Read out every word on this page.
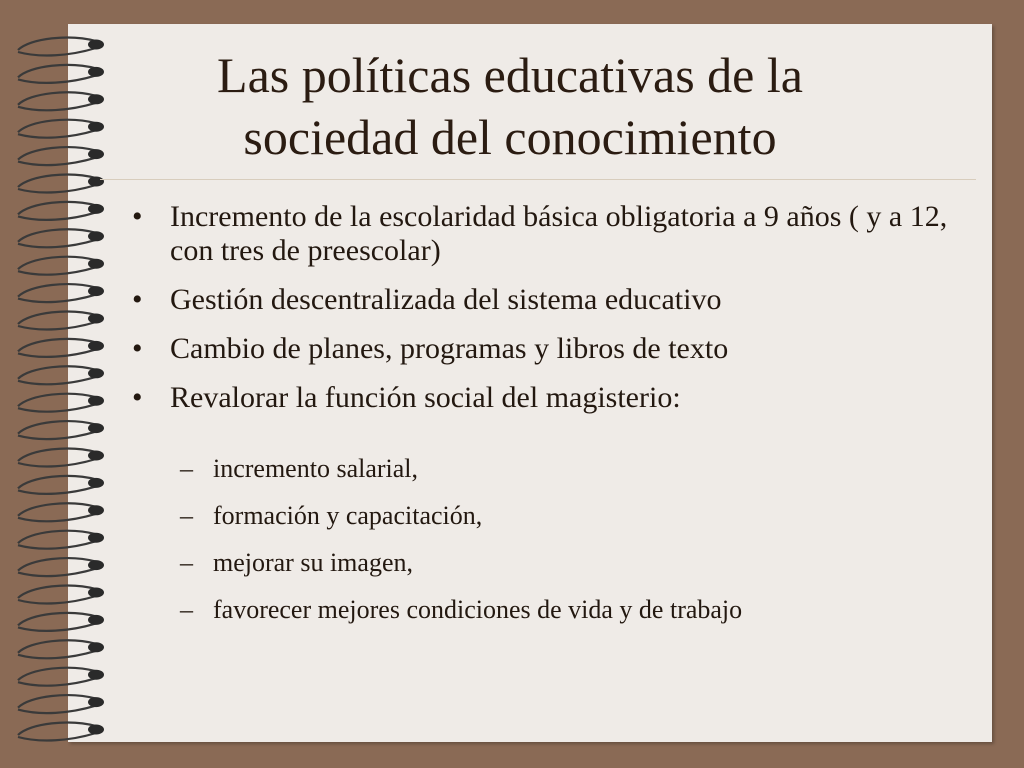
Las políticas educativas de la
sociedad del conocimiento
• Incremento de la escolaridad básica obligatoria a 9 años ( y a 12, con tres de preescolar)
• Gestión descentralizada del sistema educativo
• Cambio de planes, programas y libros de texto
• Revalorar la función social del magisterio:
– incremento salarial,
– formación y capacitación,
– mejorar su imagen,
– favorecer mejores condiciones de vida y de trabajo
